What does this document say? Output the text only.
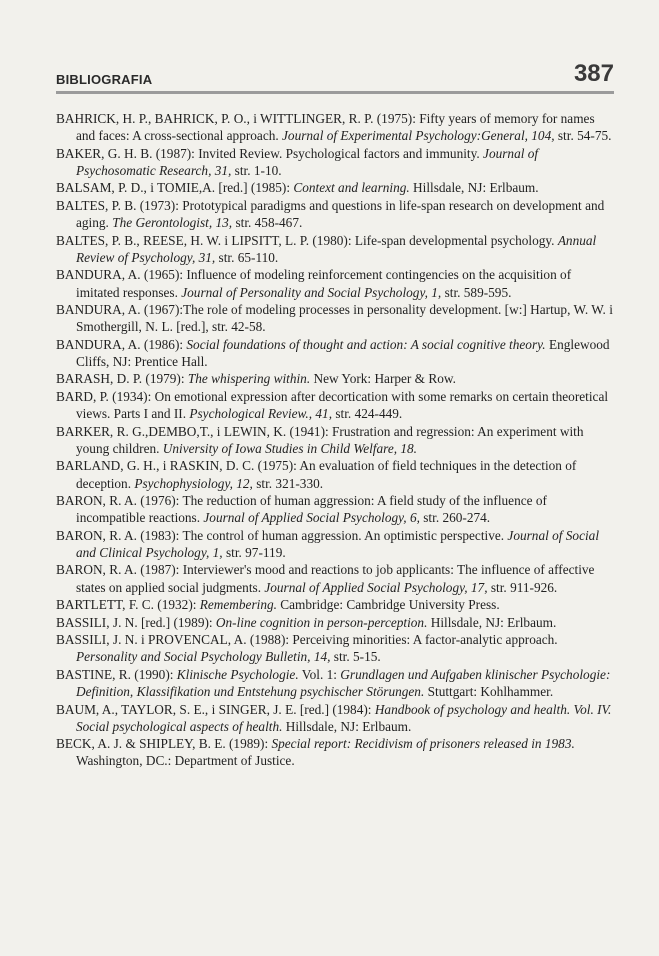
BIBLIOGRAFIA	387

BAHRICK, H. P., BAHRICK, P. O., i WITTLINGER, R. P. (1975): Fifty years of memory for names and faces: A cross-sectional approach. Journal of Experimental Psychology:General, 104, str. 54-75.

BAKER, G. H. B. (1987): Invited Review. Psychological factors and immunity. Journal of Psychosomatic Research, 31, str. 1-10.

BALSAM, P. D., i TOMIE,A. [red.] (1985): Context and learning. Hillsdale, NJ: Erlbaum.

BALTES, P. B. (1973): Prototypical paradigms and questions in life-span research on development and aging. The Gerontologist, 13, str. 458-467.

BALTES, P. B., REESE, H. W. i LIPSITT, L. P. (1980): Life-span developmental psychology. Annual Review of Psychology, 31, str. 65-110.

BANDURA, A. (1965): Influence of modeling reinforcement contingencies on the acquisition of imitated responses. Journal of Personality and Social Psychology, 1, str. 589-595.

BANDURA, A. (1967):The role of modeling processes in personality development. [w:] Hartup, W. W. i Smothergill, N. L. [red.], str. 42-58.

BANDURA, A. (1986): Social foundations of thought and action: A social cognitive theory. Englewood Cliffs, NJ: Prentice Hall.

BARASH, D. P. (1979): The whispering within. New York: Harper & Row.

BARD, P. (1934): On emotional expression after decortication with some remarks on certain theoretical views. Parts I and II. Psychological Review., 41, str. 424-449.

BARKER, R. G.,DEMBO,T., i LEWIN, K. (1941): Frustration and regression: An experiment with young children. University of Iowa Studies in Child Welfare, 18.

BARLAND, G. H., i RASKIN, D. C. (1975): An evaluation of field techniques in the detection of deception. Psychophysiology, 12, str. 321-330.

BARON, R. A. (1976): The reduction of human aggression: A field study of the influence of incompatible reactions. Journal of Applied Social Psychology, 6, str. 260-274.

BARON, R. A. (1983): The control of human aggression. An optimistic perspective. Journal of Social and Clinical Psychology, 1, str. 97-119.

BARON, R. A. (1987): Interviewer's mood and reactions to job applicants: The influence of affective states on applied social judgments. Journal of Applied Social Psychology, 17, str. 911-926.

BARTLETT, F. C. (1932): Remembering. Cambridge: Cambridge University Press.

BASSILI, J. N. [red.] (1989): On-line cognition in person-perception. Hillsdale, NJ: Erlbaum.

BASSILI, J. N. i PROVENCAL, A. (1988): Perceiving minorities: A factor-analytic approach. Personality and Social Psychology Bulletin, 14, str. 5-15.

BASTINE, R. (1990): Klinische Psychologie. Vol. 1: Grundlagen und Aufgaben klinischer Psychologie: Definition, Klassifikation und Entstehung psychischer Störungen. Stuttgart: Kohlhammer.

BAUM, A., TAYLOR, S. E., i SINGER, J. E. [red.] (1984): Handbook of psychology and health. Vol. IV. Social psychological aspects of health. Hillsdale, NJ: Erlbaum.

BECK, A. J. & SHIPLEY, B. E. (1989): Special report: Recidivism of prisoners released in 1983. Washington, DC.: Department of Justice.
